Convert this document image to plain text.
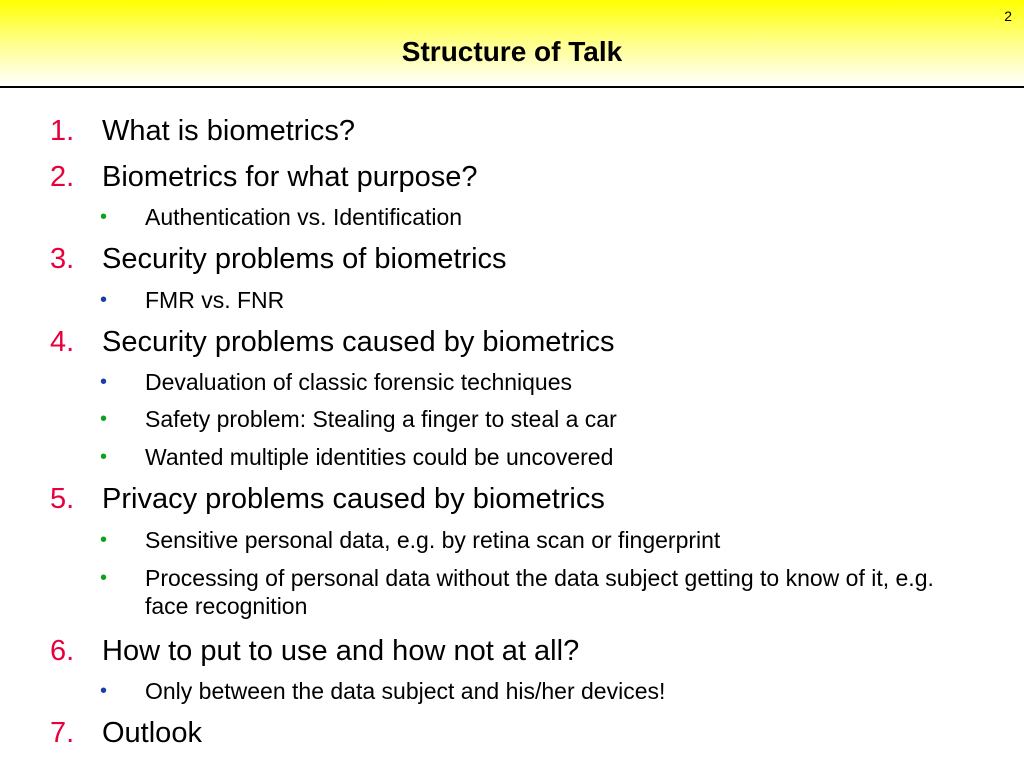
2
Structure of Talk
1. What is biometrics?
2. Biometrics for what purpose?
• Authentication vs. Identification
3. Security problems of biometrics
• FMR vs. FNR
4. Security problems caused by biometrics
• Devaluation of classic forensic techniques
• Safety problem: Stealing a finger to steal a car
• Wanted multiple identities could be uncovered
5. Privacy problems caused by biometrics
• Sensitive personal data, e.g. by retina scan or fingerprint
• Processing of personal data without the data subject getting to know of it, e.g. face recognition
6. How to put to use and how not at all?
• Only between the data subject and his/her devices!
7. Outlook
